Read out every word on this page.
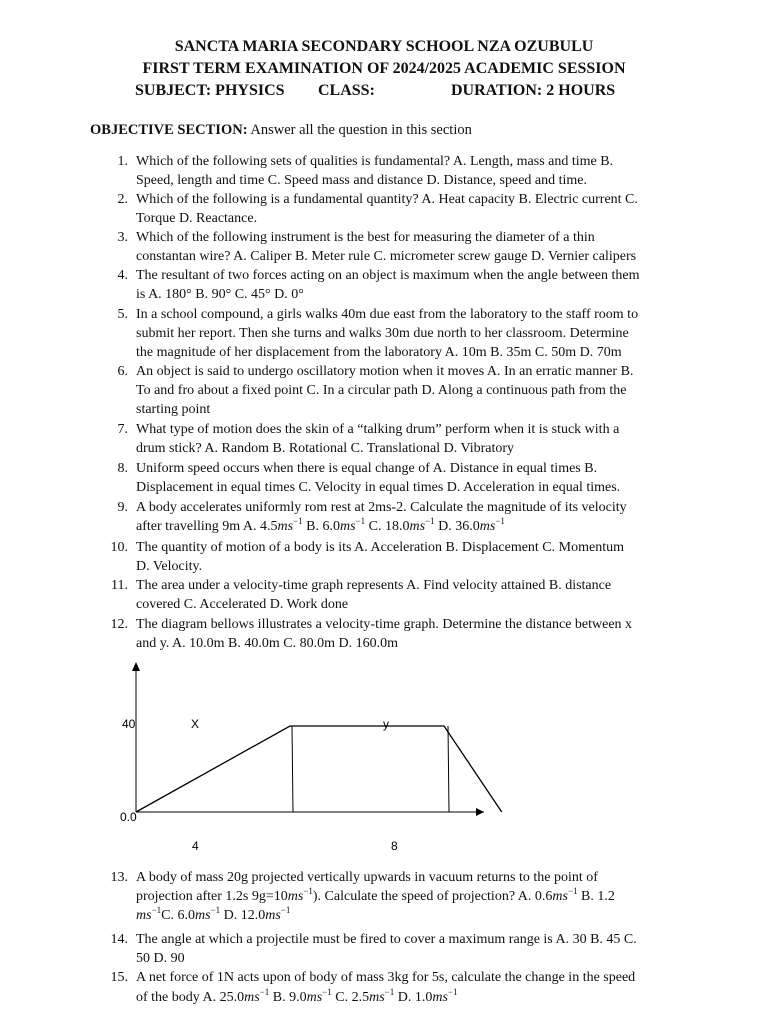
SANCTA MARIA SECONDARY SCHOOL NZA OZUBULU
FIRST TERM EXAMINATION OF 2024/2025 ACADEMIC SESSION
SUBJECT: PHYSICS CLASS:	DURATION: 2 HOURS
OBJECTIVE SECTION: Answer all the question in this section
1. Which of the following sets of qualities is fundamental? A. Length, mass and time B.
Speed, length and time C. Speed mass and distance D. Distance, speed and time.
2. Which of the following is a fundamental quantity? A. Heat capacity B. Electric current C.
Torque D. Reactance.
3. Which of the following instrument is the best for measuring the diameter of a thin
constantan wire? A. Caliper B. Meter rule C. micrometer screw gauge D. Vernier calipers
4. The resultant of two forces acting on an object is maximum when the angle between them
is A. 180° B. 90° C. 45° D. 0°
5. In a school compound, a girls walks 40m due east from the laboratory to the staff room to
submit her report. Then she turns and walks 30m due north to her classroom. Determine
the magnitude of her displacement from the laboratory A. 10m B. 35m C. 50m D. 70m
6. An object is said to undergo oscillatory motion when it moves A. In an erratic manner B.
To and fro about a fixed point C. In a circular path D. Along a continuous path from the
starting point
7. What type of motion does the skin of a “talking drum” perform when it is stuck with a
drum stick? A. Random B. Rotational C. Translational D. Vibratory
8. Uniform speed occurs when there is equal change of A. Distance in equal times B.
Displacement in equal times C. Velocity in equal times D. Acceleration in equal times.
9. A body accelerates uniformly rom rest at 2ms-2. Calculate the magnitude of its velocity
10. The quantity of motion of a body is its A. Acceleration B. Displacement C. Momentum
D. Velocity.
11. The area under a velocity-time graph represents A. Find velocity attained B. distance
covered C. Accelerated D. Work done
12. The diagram bellows illustrates a velocity-time graph. Determine the distance between x
and y. A. 10.0m B. 40.0m C. 80.0m D. 160.0m
14. The angle at which a projectile must be fired to cover a maximum range is A. 30 B. 45 C.
50 D. 90
15. A net force of 1N acts upon of body of mass 3kg for 5s, calculate the change in the speed
after travelling 9m A. $4.5ms^{-1}$ B. $6.0ms^{-1}$ C. $18.0ms^{-1}$ D. $36.0ms^{-1}$
40
0.0
4	8
X	y
13. A body of mass 20g projected vertically upwards in vacuum returns to the point of
projection after 1.2s $9g=10ms^{-1}$). Calculate the speed of projection? A. $0.6ms^{-1}$ B. 1.2
$ms^{-1}C$. $6.0ms^{-1}$ D. $12.0ms^{-1}$
of the body A. $25.0ms^{-1}$ B. $9.0ms^{-1}$ C. $2.5ms^{-1}$ D. $1.0ms^{-1}$
